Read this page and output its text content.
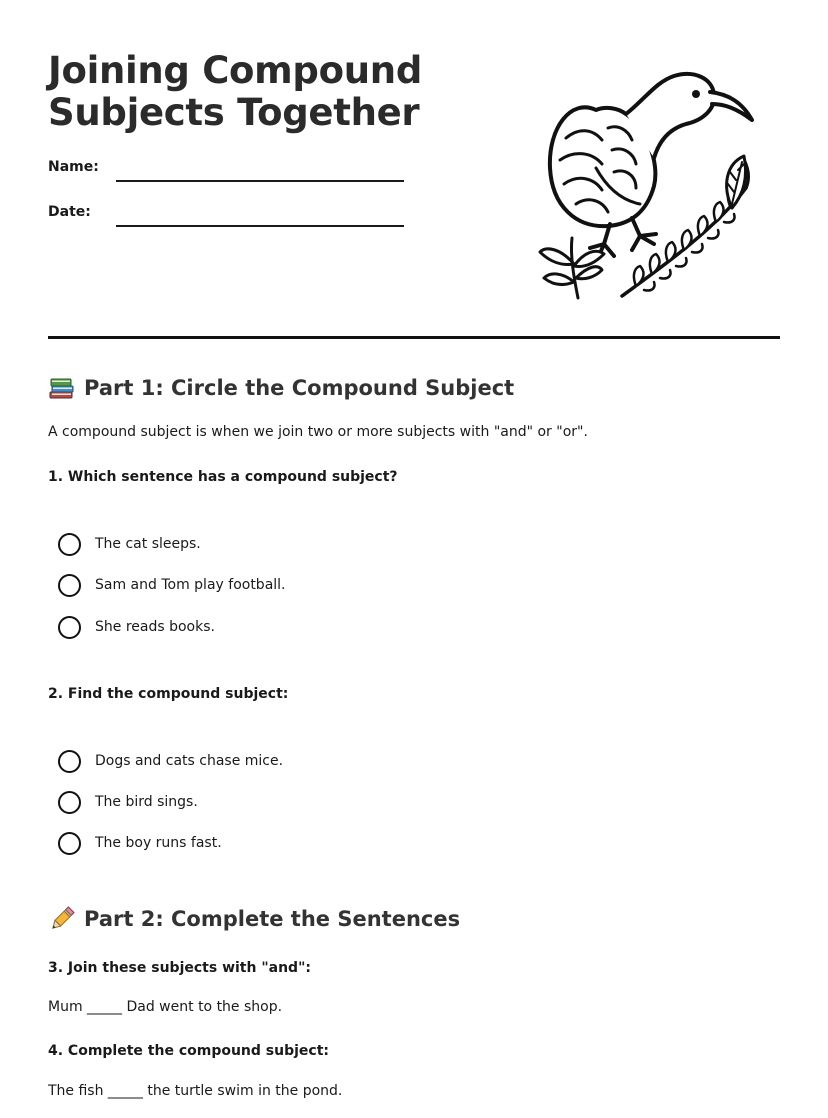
Joining Compound
Subjects Together
Name:
Date:
Part 1: Circle the Compound Subject
A compound subject is when we join two or more subjects with "and" or "or".
1. Which sentence has a compound subject?
The cat sleeps.
Sam and Tom play football.
She reads books.
2. Find the compound subject:
Dogs and cats chase mice.
The bird sings.
The boy runs fast.
Part 2: Complete the Sentences
3. Join these subjects with "and":
Mum _____ Dad went to the shop.
4. Complete the compound subject:
The fish _____ the turtle swim in the pond.
